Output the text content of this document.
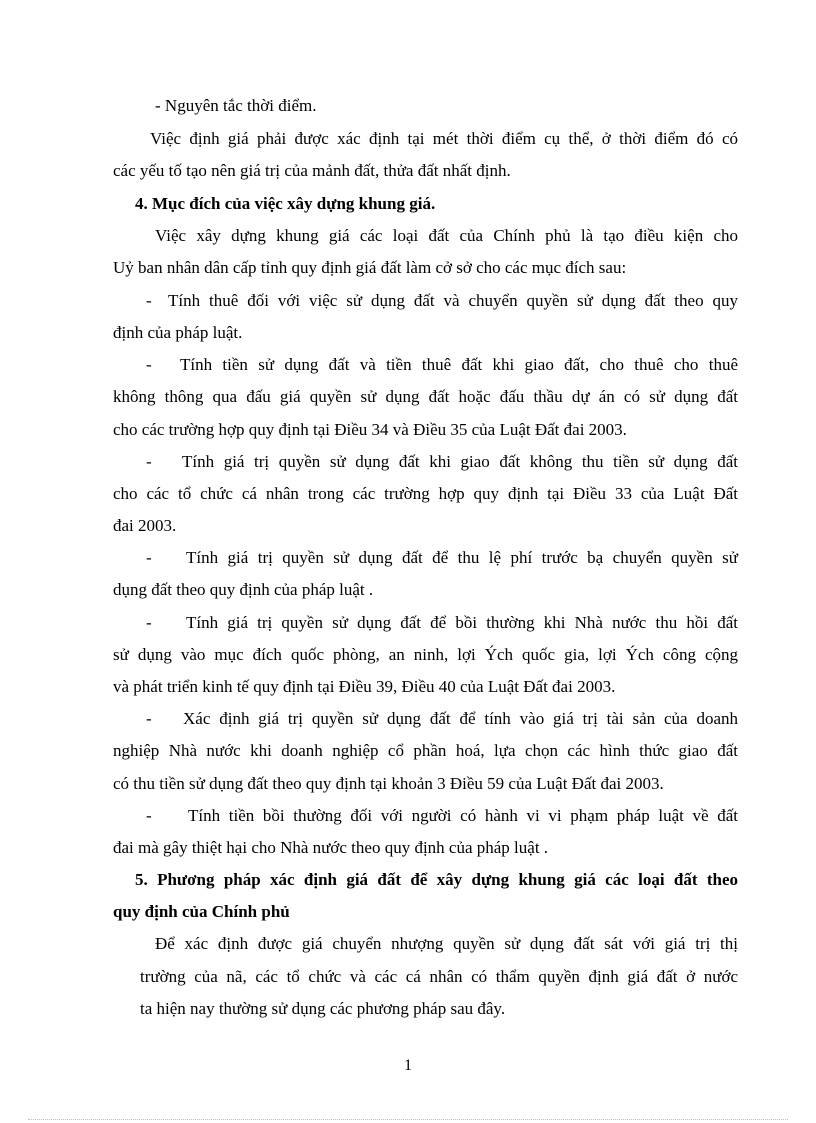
- Nguyên tắc thời điểm.
Việc định giá phải được xác định tại mét thời điểm cụ thể, ở thời điểm đó có
các yếu tố tạo nên giá trị của mảnh đất, thửa đất nhất định.
4. Mục đích của việc xây dựng khung giá.
Việc xây dựng khung giá các loại đất của Chính phủ là tạo điều kiện cho
Uỷ ban nhân dân cấp tỉnh quy định giá đất làm cở sở cho các mục đích sau:
- Tính thuê đối với việc sử dụng đất và chuyển quyền sử dụng đất theo quy
định của pháp luật.
- Tính tiền sử dụng đất và tiền thuê đất khi giao đất, cho thuê cho thuê
không thông qua đấu giá quyền sử dụng đất hoặc đấu thầu dự án có sử dụng đất
cho các trường hợp quy định tại Điều 34 và Điều 35 của Luật Đất đai 2003.
- Tính giá trị quyền sử dụng đất khi giao đất không thu tiền sử dụng đất
cho các tổ chức cá nhân trong các trường hợp quy định tại Điều 33 của Luật Đất
đai 2003.
- Tính giá trị quyền sử dụng đất để thu lệ phí trước bạ chuyển quyền sử
dụng đất theo quy định của pháp luật .
- Tính giá trị quyền sử dụng đất để bồi thường khi Nhà nước thu hồi đất
sử dụng vào mục đích quốc phòng, an ninh, lợi Ých quốc gia, lợi Ých công cộng
và phát triển kinh tế quy định tại Điều 39, Điều 40 của Luật Đất đai 2003.
- Xác định giá trị quyền sử dụng đất để tính vào giá trị tài sản của doanh
nghiệp Nhà nước khi doanh nghiệp cổ phần hoá, lựa chọn các hình thức giao đất
có thu tiền sử dụng đất theo quy định tại khoản 3 Điều 59 của Luật Đất đai 2003.
- Tính tiền bồi thường đối với người có hành vi vi phạm pháp luật về đất
đai mà gây thiệt hại cho Nhà nước theo quy định của pháp luật .
5. Phương pháp xác định giá đất để xây dựng khung giá các loại đất theo
quy định của Chính phủ
Để xác định được giá chuyển nhượng quyền sử dụng đất sát với giá trị thị
trường của nã, các tổ chức và các cá nhân có thẩm quyền định giá đất ở nước
ta hiện nay thường sử dụng các phương pháp sau đây.
1
